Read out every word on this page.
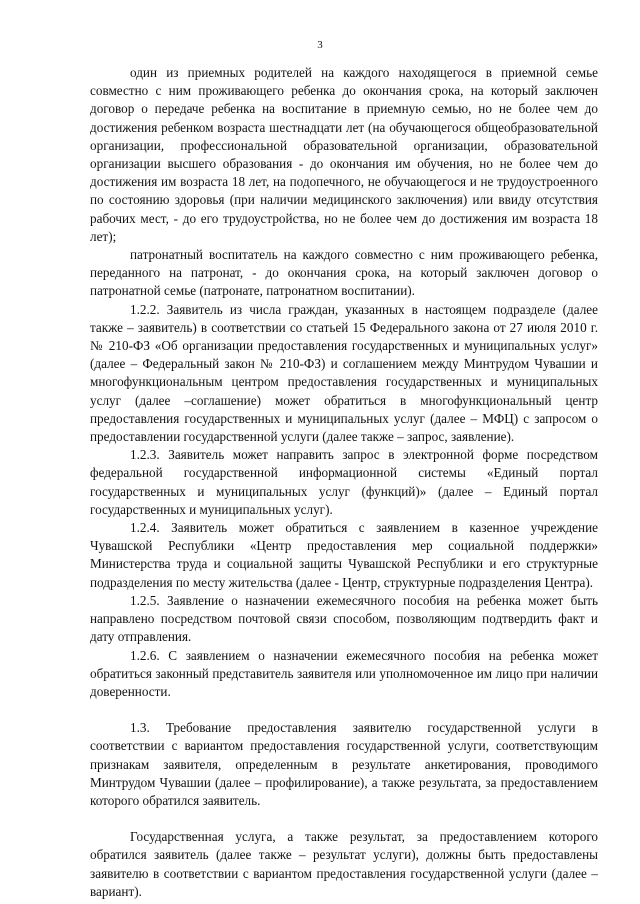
3

один из приемных родителей на каждого находящегося в приемной семье совместно с ним проживающего ребенка до окончания срока, на который заключен договор о передаче ребенка на воспитание в приемную семью, но не более чем до достижения ребенком возраста шестнадцати лет (на обучающегося общеобразовательной организации, профессиональной образовательной организации, образовательной организации высшего образования - до окончания им обучения, но не более чем до достижения им возраста 18 лет, на подопечного, не обучающегося и не трудоустроенного по состоянию здоровья (при наличии медицинского заключения) или ввиду отсутствия рабочих мест, - до его трудоустройства, но не более чем до достижения им возраста 18 лет);

патронатный воспитатель на каждого совместно с ним проживающего ребенка, переданного на патронат, - до окончания срока, на который заключен договор о патронатной семье (патронате, патронатном воспитании).

1.2.2. Заявитель из числа граждан, указанных в настоящем подразделе (далее также – заявитель) в соответствии со статьей 15 Федерального закона от 27 июля 2010 г. № 210-ФЗ «Об организации предоставления государственных и муниципальных услуг» (далее – Федеральный закон № 210-ФЗ) и соглашением между Минтрудом Чувашии и многофункциональным центром предоставления государственных и муниципальных услуг (далее –соглашение) может обратиться в многофункциональный центр предоставления государственных и муниципальных услуг (далее – МФЦ) с запросом о предоставлении государственной услуги (далее также – запрос, заявление).

1.2.3. Заявитель может направить запрос в электронной форме посредством федеральной государственной информационной системы «Единый портал государственных и муниципальных услуг (функций)» (далее – Единый портал государственных и муниципальных услуг).

1.2.4. Заявитель может обратиться с заявлением в казенное учреждение Чувашской Республики «Центр предоставления мер социальной поддержки» Министерства труда и социальной защиты Чувашской Республики и его структурные подразделения по месту жительства (далее - Центр, структурные подразделения Центра).

1.2.5. Заявление о назначении ежемесячного пособия на ребенка может быть направлено посредством почтовой связи способом, позволяющим подтвердить факт и дату отправления.

1.2.6. С заявлением о назначении ежемесячного пособия на ребенка может обратиться законный представитель заявителя или уполномоченное им лицо при наличии доверенности.

1.3. Требование предоставления заявителю государственной услуги в соответствии с вариантом предоставления государственной услуги, соответствующим признакам заявителя, определенным в результате анкетирования, проводимого Минтрудом Чувашии (далее – профилирование), а также результата, за предоставлением которого обратился заявитель.

Государственная услуга, а также результат, за предоставлением которого обратился заявитель (далее также – результат услуги), должны быть предоставлены заявителю в соответствии с вариантом предоставления государственной услуги (далее – вариант).
